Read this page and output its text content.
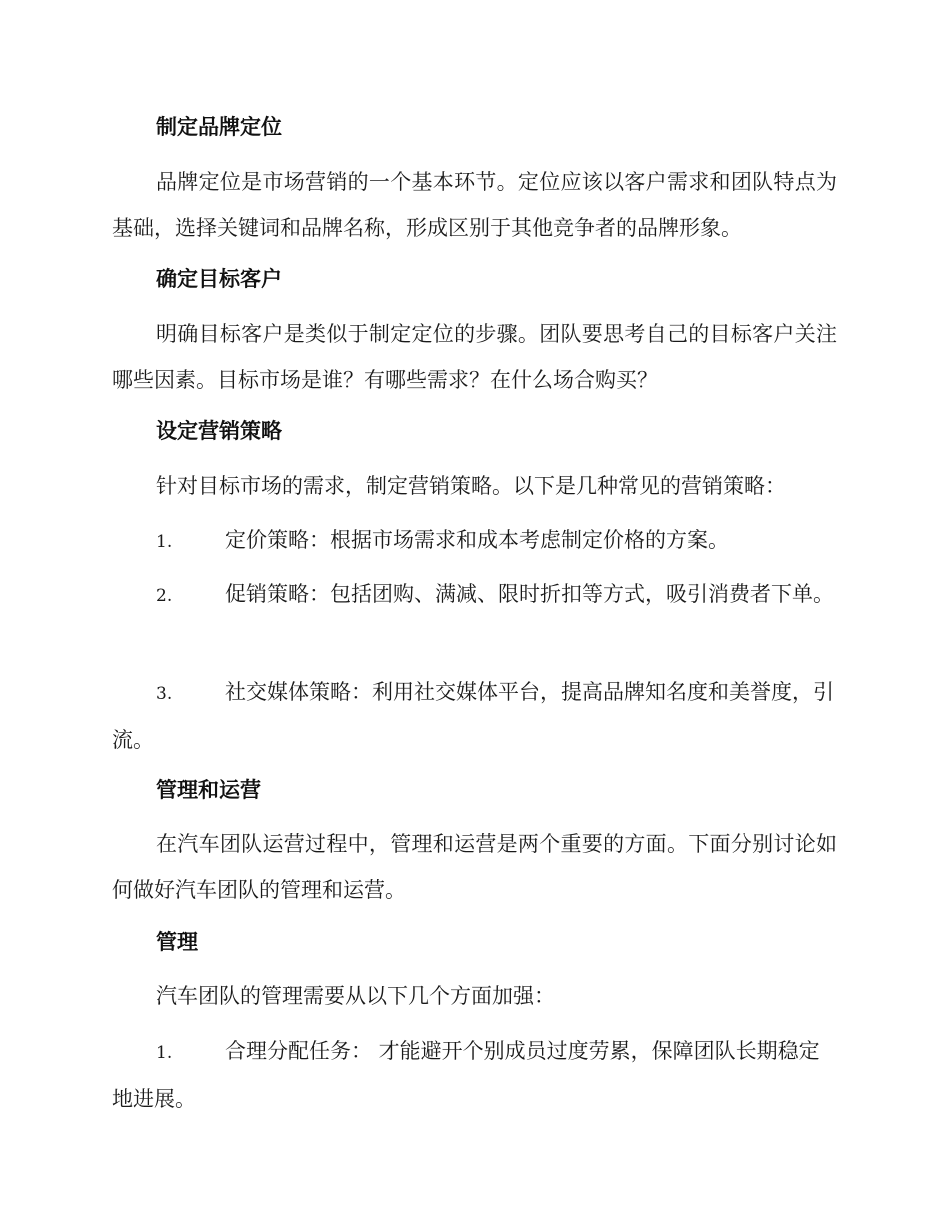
制定品牌定位

品牌定位是市场营销的一个基本环节。定位应该以客户需求和团队特点为基础，选择关键词和品牌名称，形成区别于其他竞争者的品牌形象。

确定目标客户

明确目标客户是类似于制定定位的步骤。团队要思考自己的目标客户关注哪些因素。目标市场是谁？有哪些需求？在什么场合购买？

设定营销策略

针对目标市场的需求，制定营销策略。以下是几种常见的营销策略：

1.	定价策略：根据市场需求和成本考虑制定价格的方案。

2.	促销策略：包括团购、满减、限时折扣等方式，吸引消费者下单。

3.	社交媒体策略：利用社交媒体平台，提高品牌知名度和美誉度，引流。

管理和运营

在汽车团队运营过程中，管理和运营是两个重要的方面。下面分别讨论如何做好汽车团队的管理和运营。

管理

汽车团队的管理需要从以下几个方面加强：

1.	合理分配任务： 才能避开个别成员过度劳累，保障团队长期稳定地进展。
